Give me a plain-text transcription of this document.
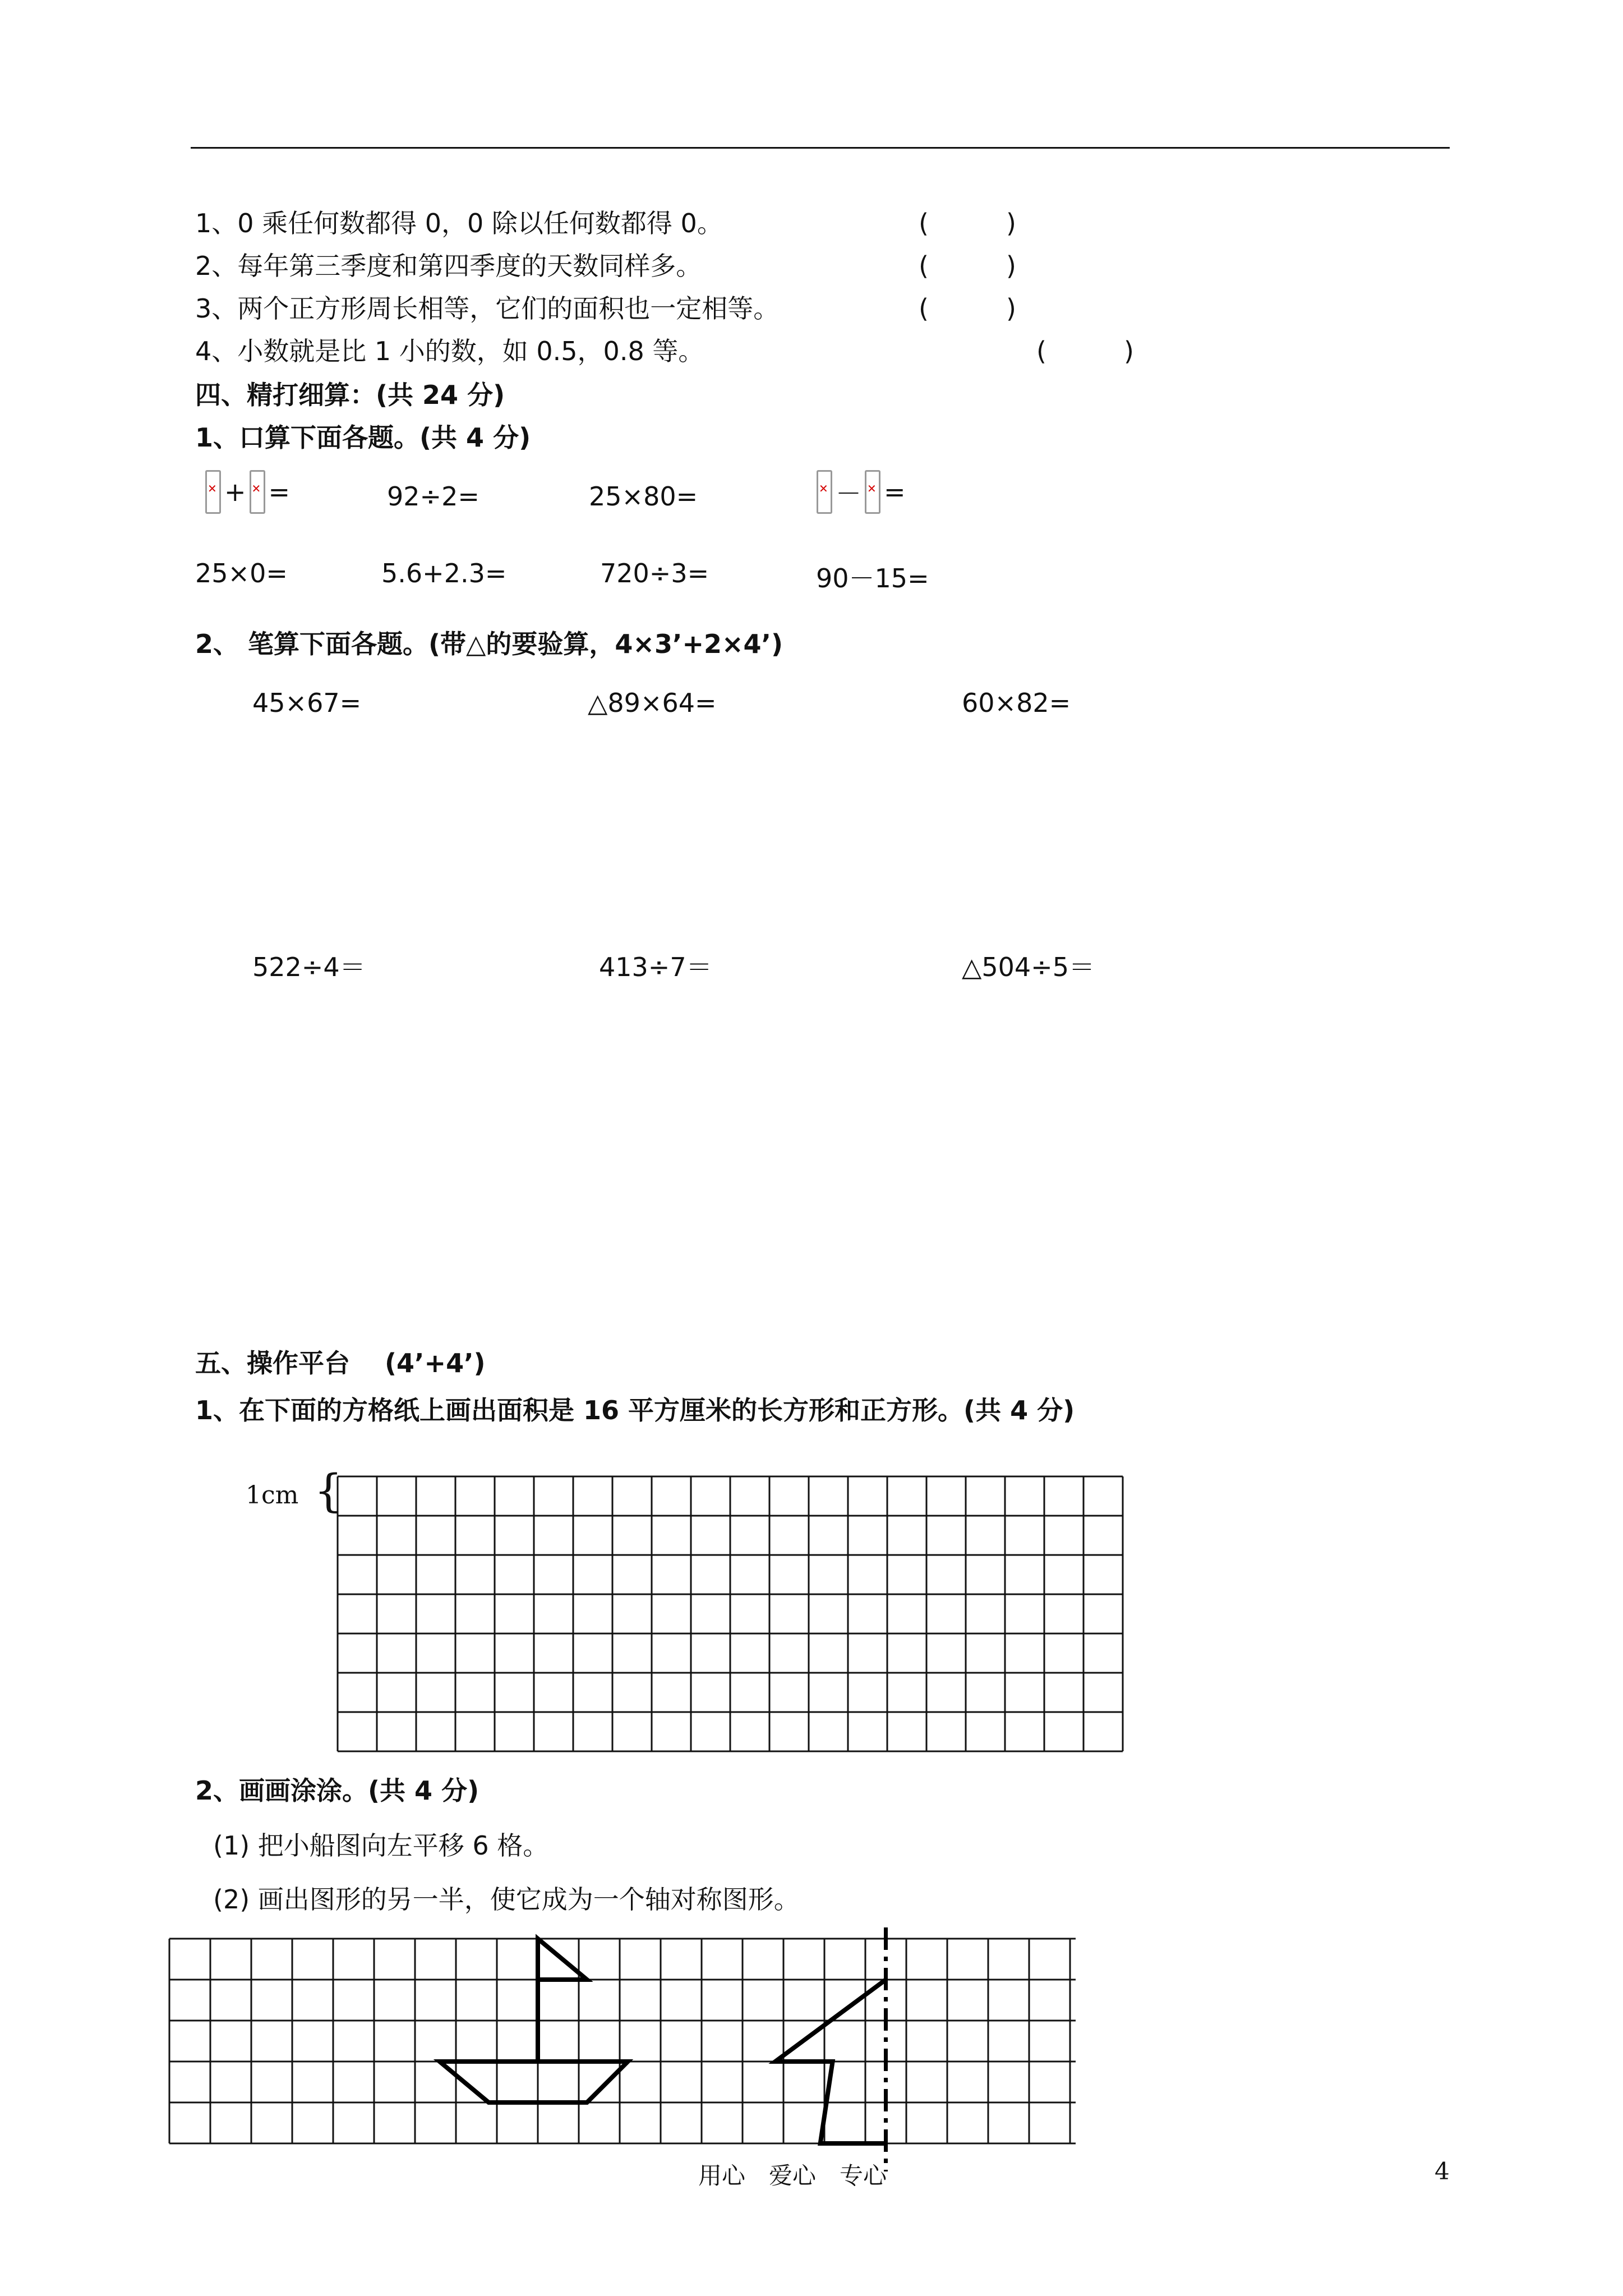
1、0 乘任何数都得 0，0 除以任何数都得 0。	(　　　)
2、每年第三季度和第四季度的天数同样多。	(　　　)
3、两个正方形周长相等，它们的面积也一定相等。	(　　　)
4、小数就是比 1 小的数，如 0.5，0.8 等。	(　　　)
四、精打细算：(共 24 分)
1、口算下面各题。(共 4 分)
✕+ ✕ =	92÷2=	25×80= ✕	－ ✕ =
25×0=	5.6+2.3=	720÷3=	90－15=
2、 笔算下面各题。(带△的要验算，4×3’+2×4’)
45×67=	△89×64=	60×82=
522÷4＝	413÷7＝	△504÷5＝
五、操作平台　 (4’+4’)
1、在下面的方格纸上画出面积是 16 平方厘米的长方形和正方形。(共 4 分)
1cm {
2、画画涂涂。(共 4 分)
(1) 把小船图向左平移 6 格。
(2) 画出图形的另一半，使它成为一个轴对称图形。
用心　爱心　专心	4
